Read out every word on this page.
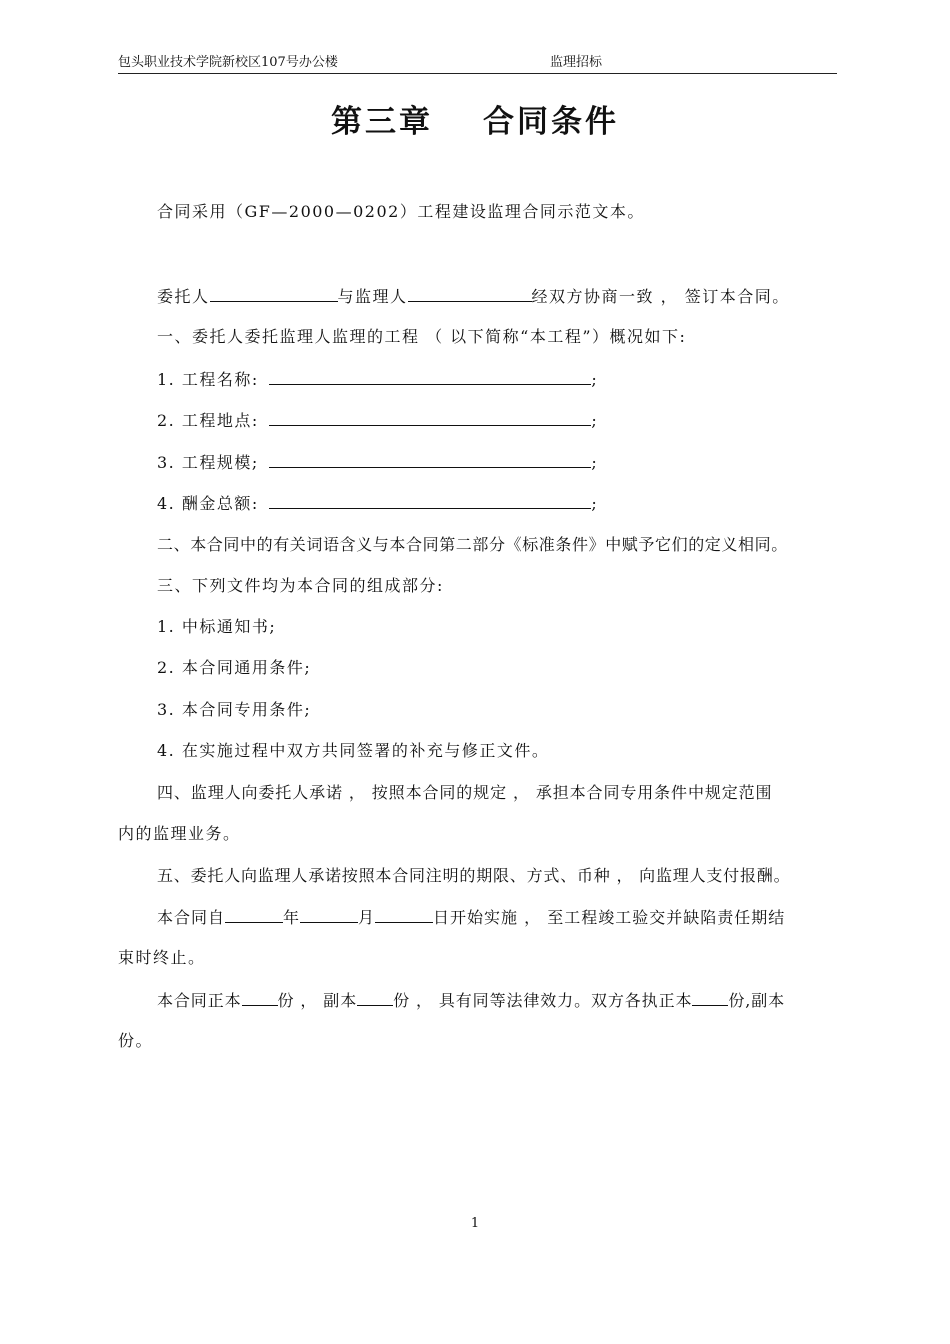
包头职业技术学院新校区107号办公楼	监理招标
第三章 合同条件
合同采用（GF—2000—0202）工程建设监理合同示范文本。
委托人	与监理人	经双方协商一致 ， 签订本合同。
一、委托人委托监理人监理的工程 （ 以下简称“本工程”）概况如下:
1. 工程名称:	;
2. 工程地点:	;
3. 工程规模;	;
4. 酬金总额:	;
二、本合同中的有关词语含义与本合同第二部分《标准条件》中赋予它们的定义相同。
三、下列文件均为本合同的组成部分:
1. 中标通知书;
2. 本合同通用条件;
3. 本合同专用条件;
4. 在实施过程中双方共同签署的补充与修正文件。
四、监理人向委托人承诺 ， 按照本合同的规定 ， 承担本合同专用条件中规定范围
内的监理业务。
五、委托人向监理人承诺按照本合同注明的期限、方式、币种 ， 向监理人支付报酬。
本合同自	年	月	日开始实施 ， 至工程竣工验交并缺陷责任期结
束时终止。
本合同正本 份 ， 副本 份 ， 具有同等法律效力。双方各执正本 份,副本
份。
1
